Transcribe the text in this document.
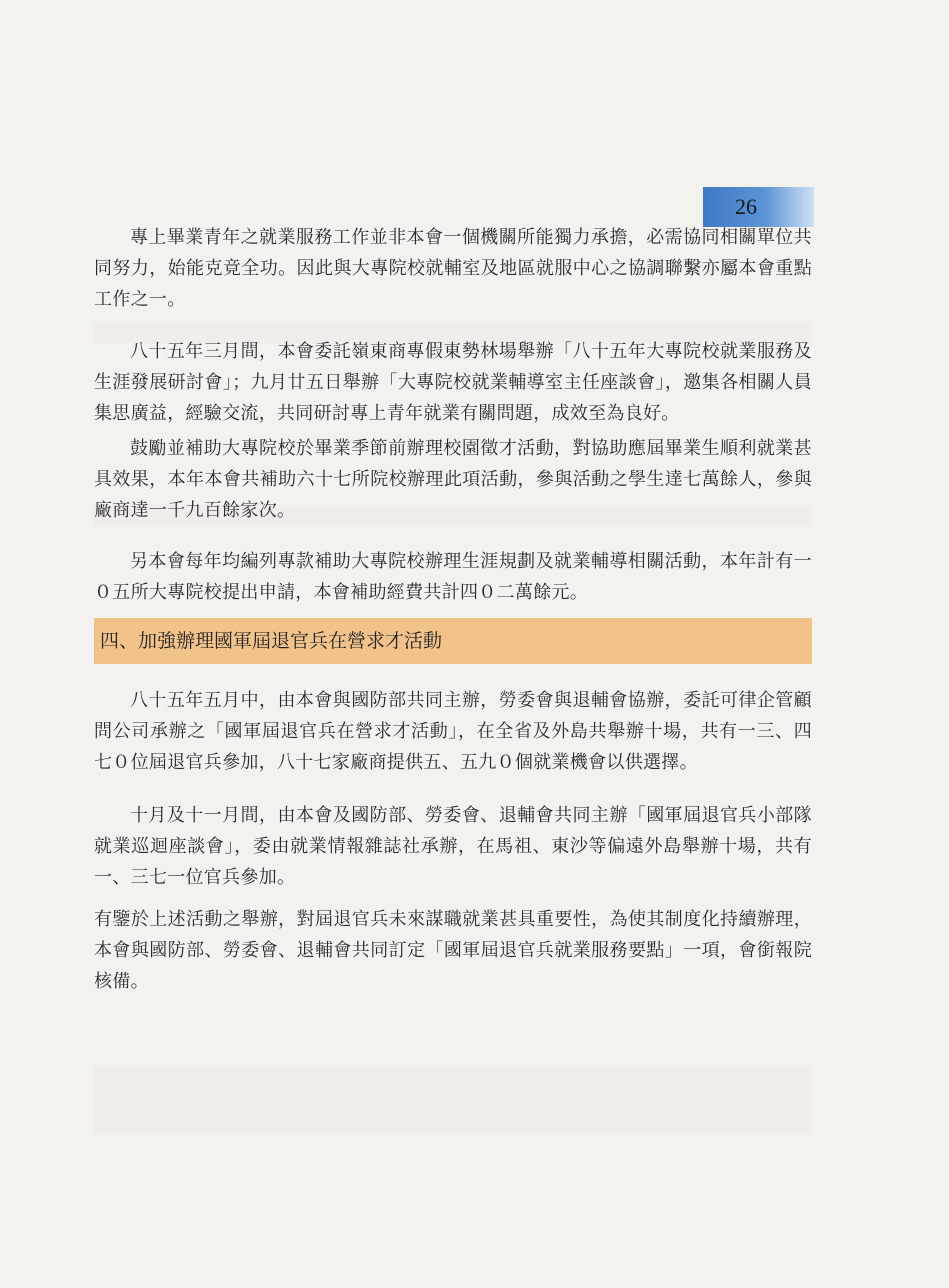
26

專上畢業青年之就業服務工作並非本會一個機關所能獨力承擔，必需協同相關單位共同努力，始能克竟全功。因此與大專院校就輔室及地區就服中心之協調聯繫亦屬本會重點工作之一。

八十五年三月間，本會委託嶺東商專假東勢林場舉辦「八十五年大專院校就業服務及生涯發展研討會」；九月廿五日舉辦「大專院校就業輔導室主任座談會」，邀集各相關人員集思廣益，經驗交流，共同研討專上青年就業有關問題，成效至為良好。

鼓勵並補助大專院校於畢業季節前辦理校園徵才活動，對協助應屆畢業生順利就業甚具效果，本年本會共補助六十七所院校辦理此項活動，參與活動之學生達七萬餘人，參與廠商達一千九百餘家次。

另本會每年均編列專款補助大專院校辦理生涯規劃及就業輔導相關活動，本年計有一０五所大專院校提出申請，本會補助經費共計四０二萬餘元。

四、加強辦理國軍屆退官兵在營求才活動

八十五年五月中，由本會與國防部共同主辦，勞委會與退輔會協辦，委託可律企管顧問公司承辦之「國軍屆退官兵在營求才活動」，在全省及外島共舉辦十場，共有一三、四七０位屆退官兵參加，八十七家廠商提供五、五九０個就業機會以供選擇。

十月及十一月間，由本會及國防部、勞委會、退輔會共同主辦「國軍屆退官兵小部隊就業巡迴座談會」，委由就業情報雜誌社承辦，在馬祖、東沙等偏遠外島舉辦十場，共有一、三七一位官兵參加。

有鑒於上述活動之舉辦，對屆退官兵未來謀職就業甚具重要性，為使其制度化持續辦理，本會與國防部、勞委會、退輔會共同訂定「國軍屆退官兵就業服務要點」一項，會銜報院核備。
